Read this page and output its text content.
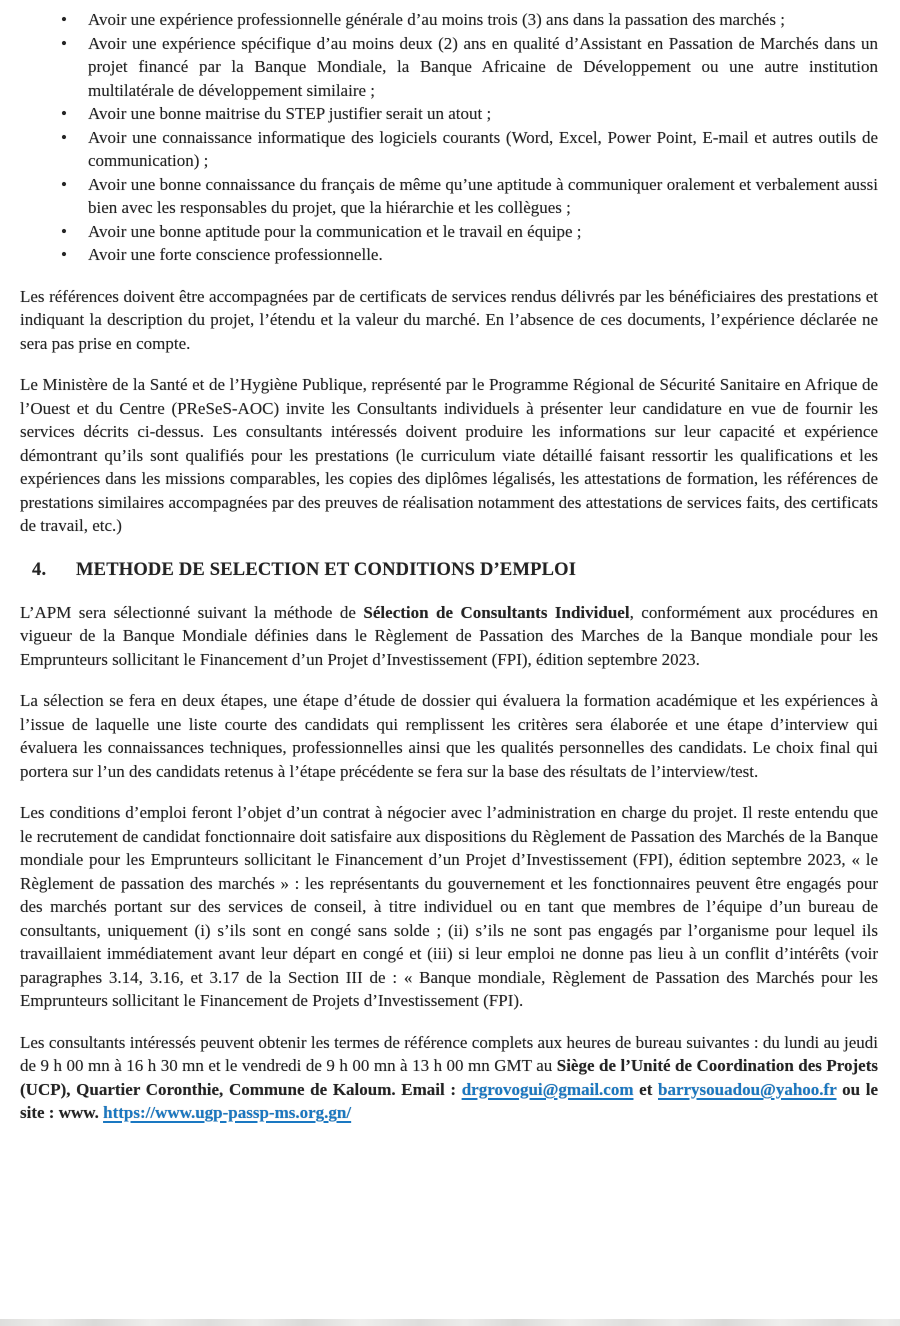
• Avoir une expérience professionnelle générale d’au moins trois (3) ans dans la passation des marchés ;
• Avoir une expérience spécifique d’au moins deux (2) ans en qualité d’Assistant en Passation de Marchés dans un projet financé par la Banque Mondiale, la Banque Africaine de Développement ou une autre institution multilatérale de développement similaire ;
• Avoir une bonne maitrise du STEP justifier serait un atout ;
• Avoir une connaissance informatique des logiciels courants (Word, Excel, Power Point, E-mail et autres outils de communication) ;
• Avoir une bonne connaissance du français de même qu’une aptitude à communiquer oralement et verbalement aussi bien avec les responsables du projet, que la hiérarchie et les collègues ;
• Avoir une bonne aptitude pour la communication et le travail en équipe ;
• Avoir une forte conscience professionnelle.

Les références doivent être accompagnées par de certificats de services rendus délivrés par les bénéficiaires des prestations et indiquant la description du projet, l’étendu et la valeur du marché. En l’absence de ces documents, l’expérience déclarée ne sera pas prise en compte.

Le Ministère de la Santé et de l’Hygiène Publique, représenté par le Programme Régional de Sécurité Sanitaire en Afrique de l’Ouest et du Centre (PReSeS-AOC) invite les Consultants individuels à présenter leur candidature en vue de fournir les services décrits ci-dessus. Les consultants intéressés doivent produire les informations sur leur capacité et expérience démontrant qu’ils sont qualifiés pour les prestations (le curriculum viate détaillé faisant ressortir les qualifications et les expériences dans les missions comparables, les copies des diplômes légalisés, les attestations de formation, les références de prestations similaires accompagnées par des preuves de réalisation notamment des attestations de services faits, des certificats de travail, etc.)

4. METHODE DE SELECTION ET CONDITIONS D’EMPLOI

L’APM sera sélectionné suivant la méthode de Sélection de Consultants Individuel, conformément aux procédures en vigueur de la Banque Mondiale définies dans le Règlement de Passation des Marches de la Banque mondiale pour les Emprunteurs sollicitant le Financement d’un Projet d’Investissement (FPI), édition septembre 2023.

La sélection se fera en deux étapes, une étape d’étude de dossier qui évaluera la formation académique et les expériences à l’issue de laquelle une liste courte des candidats qui remplissent les critères sera élaborée et une étape d’interview qui évaluera les connaissances techniques, professionnelles ainsi que les qualités personnelles des candidats. Le choix final qui portera sur l’un des candidats retenus à l’étape précédente se fera sur la base des résultats de l’interview/test.

Les conditions d’emploi feront l’objet d’un contrat à négocier avec l’administration en charge du projet. Il reste entendu que le recrutement de candidat fonctionnaire doit satisfaire aux dispositions du Règlement de Passation des Marchés de la Banque mondiale pour les Emprunteurs sollicitant le Financement d’un Projet d’Investissement (FPI), édition septembre 2023, « le Règlement de passation des marchés » : les représentants du gouvernement et les fonctionnaires peuvent être engagés pour des marchés portant sur des services de conseil, à titre individuel ou en tant que membres de l’équipe d’un bureau de consultants, uniquement (i) s’ils sont en congé sans solde ; (ii) s’ils ne sont pas engagés par l’organisme pour lequel ils travaillaient immédiatement avant leur départ en congé et (iii) si leur emploi ne donne pas lieu à un conflit d’intérêts (voir paragraphes 3.14, 3.16, et 3.17 de la Section III de : « Banque mondiale, Règlement de Passation des Marchés pour les Emprunteurs sollicitant le Financement de Projets d’Investissement (FPI).

Les consultants intéressés peuvent obtenir les termes de référence complets aux heures de bureau suivantes : du lundi au jeudi de 9 h 00 mn à 16 h 30 mn et le vendredi de 9 h 00 mn à 13 h 00 mn GMT au Siège de l’Unité de Coordination des Projets (UCP), Quartier Coronthie, Commune de Kaloum. Email : drgrovogui@gmail.com et barrysouadou@yahoo.fr ou le site : www. https://www.ugp-passp-ms.org.gn/
